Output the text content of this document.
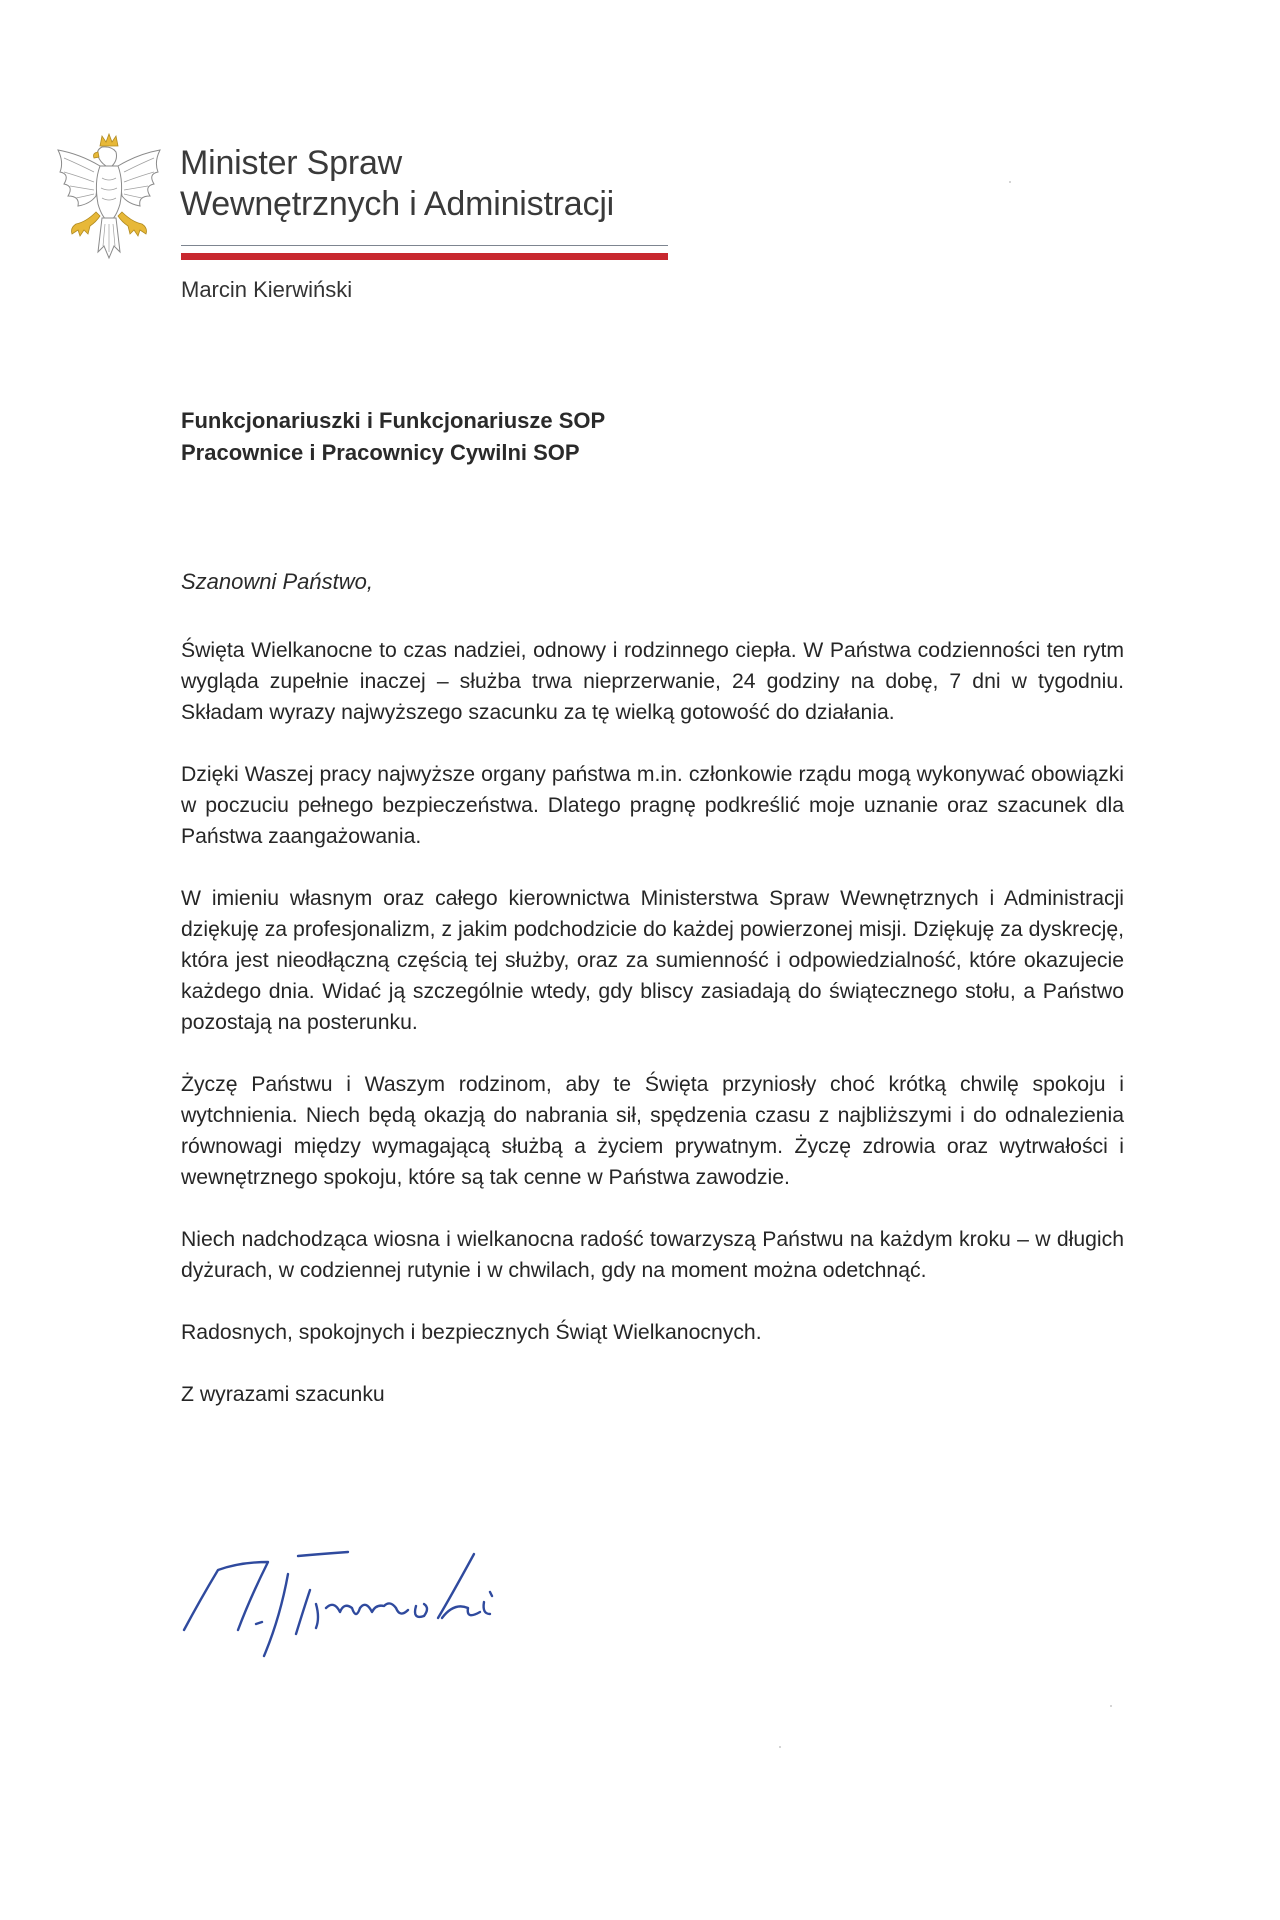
Minister Spraw
Wewnętrznych i Administracji
Marcin Kierwiński
Funkcjonariuszki i Funkcjonariusze SOP
Pracownice i Pracownicy Cywilni SOP
Szanowni Państwo,

Święta Wielkanocne to czas nadziei, odnowy i rodzinnego ciepła. W Państwa codzienności ten rytm wygląda zupełnie inaczej – służba trwa nieprzerwanie, 24 godziny na dobę, 7 dni w tygodniu. Składam wyrazy najwyższego szacunku za tę wielką gotowość do działania.

Dzięki Waszej pracy najwyższe organy państwa m.in. członkowie rządu mogą wykonywać obowiązki w poczuciu pełnego bezpieczeństwa. Dlatego pragnę podkreślić moje uznanie oraz szacunek dla Państwa zaangażowania.

W imieniu własnym oraz całego kierownictwa Ministerstwa Spraw Wewnętrznych i Administracji dziękuję za profesjonalizm, z jakim podchodzicie do każdej powierzonej misji. Dziękuję za dyskrecję, która jest nieodłączną częścią tej służby, oraz za sumienność i odpowiedzialność, które okazujecie każdego dnia. Widać ją szczególnie wtedy, gdy bliscy zasiadają do świątecznego stołu, a Państwo pozostają na posterunku.

Życzę Państwu i Waszym rodzinom, aby te Święta przyniosły choć krótką chwilę spokoju i wytchnienia. Niech będą okazją do nabrania sił, spędzenia czasu z najbliższymi i do odnalezienia równowagi między wymagającą służbą a życiem prywatnym. Życzę zdrowia oraz wytrwałości i wewnętrznego spokoju, które są tak cenne w Państwa zawodzie.

Niech nadchodząca wiosna i wielkanocna radość towarzyszą Państwu na każdym kroku – w długich dyżurach, w codziennej rutynie i w chwilach, gdy na moment można odetchnąć.

Radosnych, spokojnych i bezpiecznych Świąt Wielkanocnych.

Z wyrazami szacunku
